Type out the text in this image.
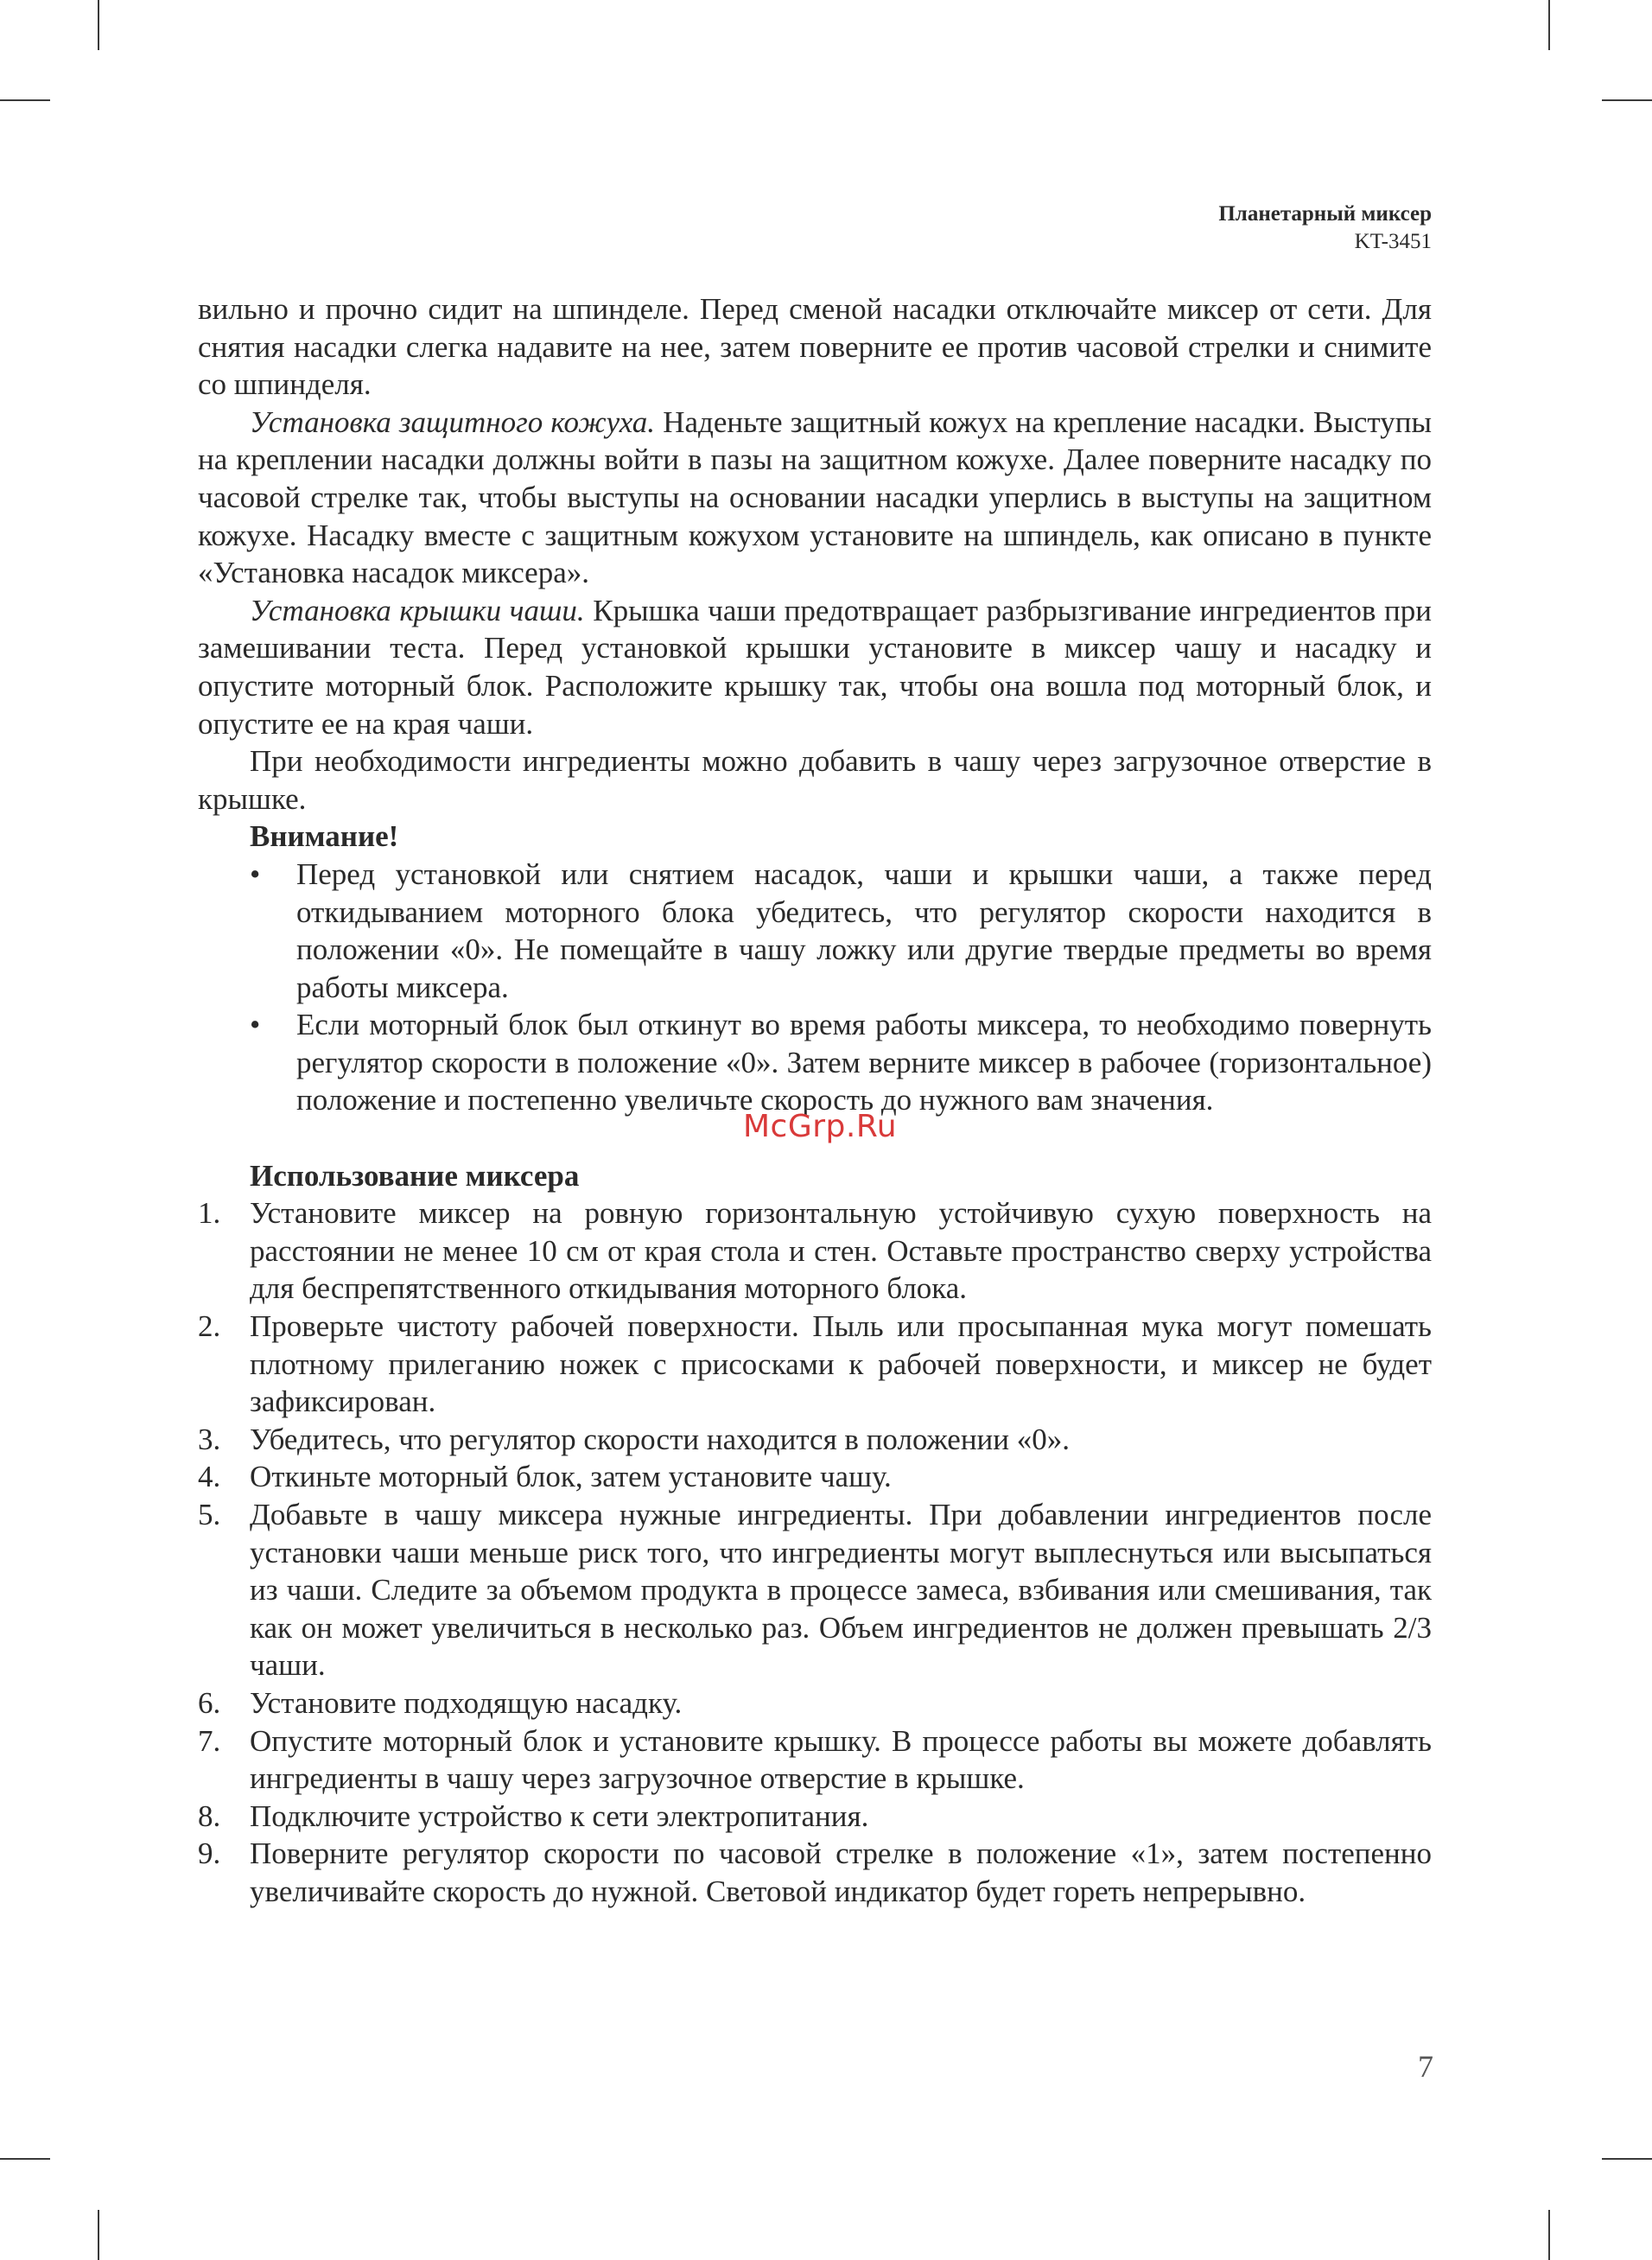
Планетарный миксер
KT-3451

вильно и прочно сидит на шпинделе. Перед сменой насадки отключайте миксер от сети. Для снятия насадки слегка надавите на нее, затем поверните ее против часовой стрелки и снимите со шпинделя.

Установка защитного кожуха. Наденьте защитный кожух на крепление насадки. Выступы на креплении насадки должны войти в пазы на защитном кожухе. Далее поверните насадку по часовой стрелке так, чтобы выступы на основании насадки уперлись в выступы на защитном кожухе. Насадку вместе с защитным кожухом установите на шпиндель, как описано в пункте «Установка насадок миксера».

Установка крышки чаши. Крышка чаши предотвращает разбрызгивание ингредиентов при замешивании теста. Перед установкой крышки установите в миксер чашу и насадку и опустите моторный блок. Расположите крышку так, чтобы она вошла под моторный блок, и опустите ее на края чаши.

При необходимости ингредиенты можно добавить в чашу через загрузочное отверстие в крышке.

Внимание!

• Перед установкой или снятием насадок, чаши и крышки чаши, а также перед откидыванием моторного блока убедитесь, что регулятор скорости находится в положении «0». Не помещайте в чашу ложку или другие твердые предметы во время работы миксера.
• Если моторный блок был откинут во время работы миксера, то необходимо повернуть регулятор скорости в положение «0». Затем верните миксер в рабочее (горизонтальное) положение и постепенно увеличьте скорость до нужного вам значения.

Использование миксера

1. Установите миксер на ровную горизонтальную устойчивую сухую поверхность на расстоянии не менее 10 см от края стола и стен. Оставьте пространство сверху устройства для беспрепятственного откидывания моторного блока.
2. Проверьте чистоту рабочей поверхности. Пыль или просыпанная мука могут помешать плотному прилеганию ножек с присосками к рабочей поверхности, и миксер не будет зафиксирован.
3. Убедитесь, что регулятор скорости находится в положении «0».
4. Откиньте моторный блок, затем установите чашу.
5. Добавьте в чашу миксера нужные ингредиенты. При добавлении ингредиентов после установки чаши меньше риск того, что ингредиенты могут выплеснуться или высыпаться из чаши. Следите за объемом продукта в процессе замеса, взбивания или смешивания, так как он может увеличиться в несколько раз. Объем ингредиентов не должен превышать 2/3 чаши.
6. Установите подходящую насадку.
7. Опустите моторный блок и установите крышку. В процессе работы вы можете добавлять ингредиенты в чашу через загрузочное отверстие в крышке.
8. Подключите устройство к сети электропитания.
9. Поверните регулятор скорости по часовой стрелке в положение «1», затем постепенно увеличивайте скорость до нужной. Световой индикатор будет гореть непрерывно.
McGrp.Ru
7
